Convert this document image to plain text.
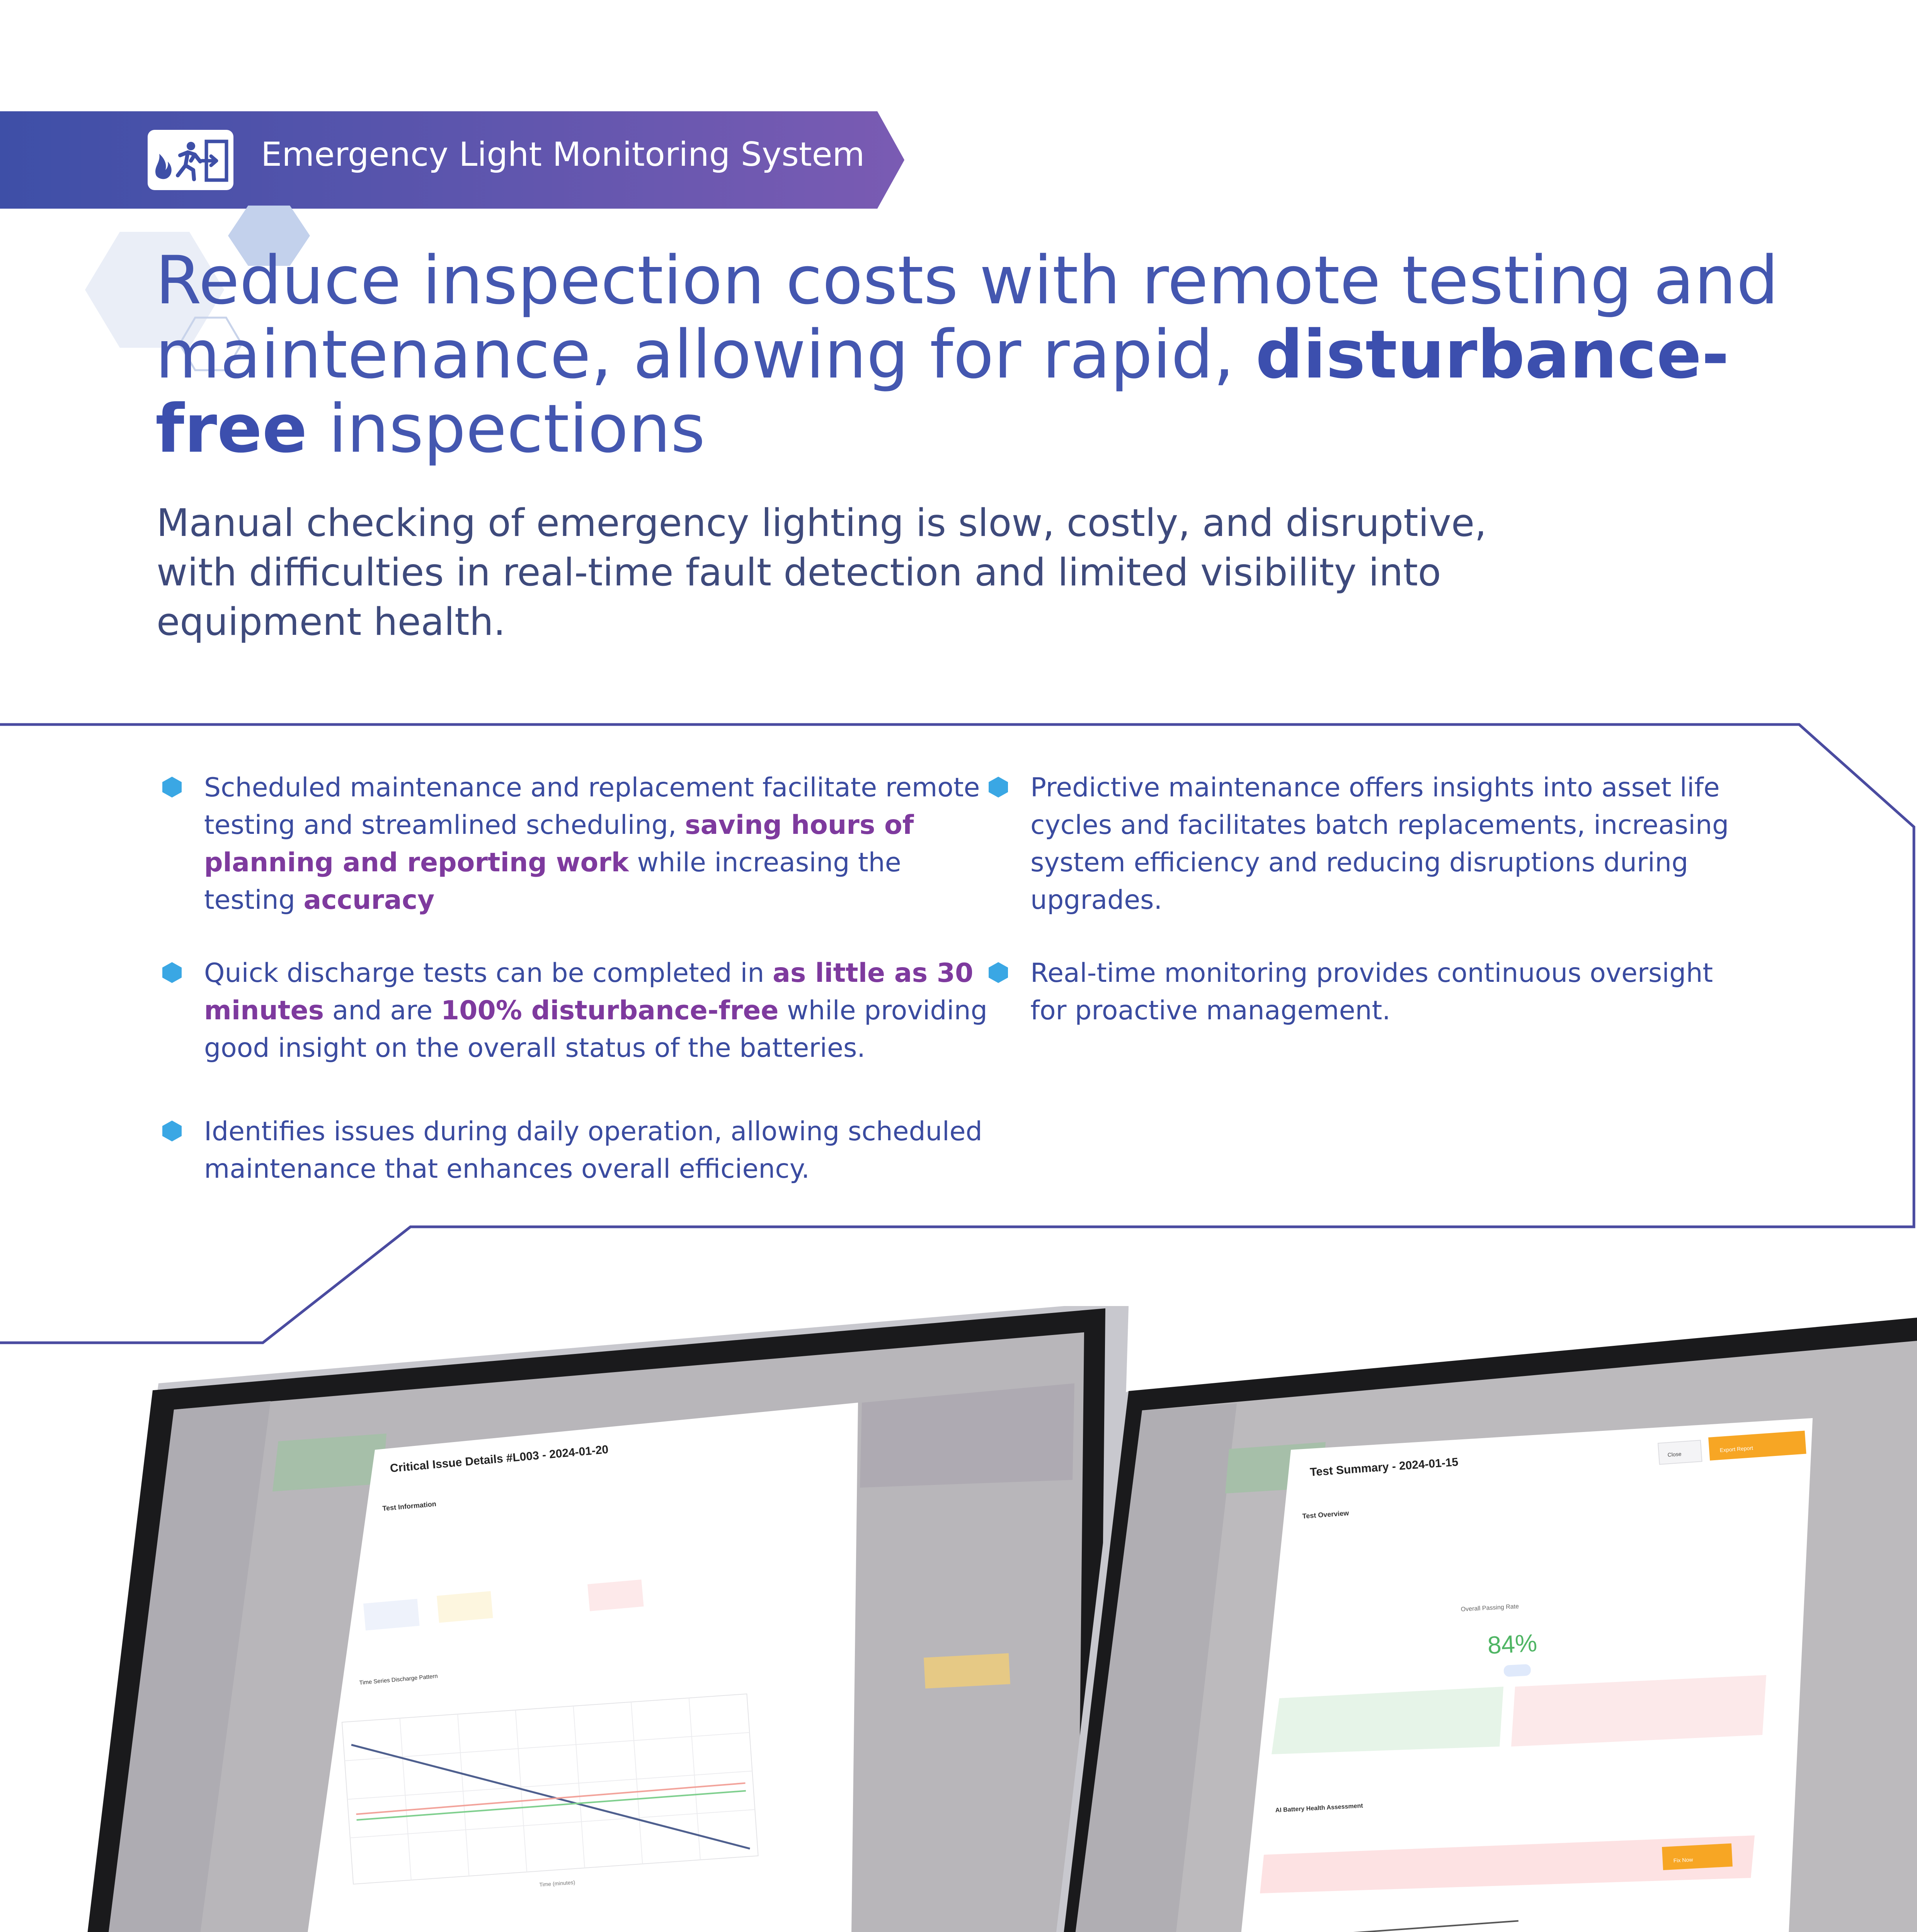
Emergency Light Monitoring System
Reduce inspection costs with remote testing and maintenance, allowing for rapid, disturbance-free inspections

Manual checking of emergency lighting is slow, costly, and disruptive, with difficulties in real-time fault detection and limited visibility into equipment health.

Scheduled maintenance and replacement facilitate remote testing and streamlined scheduling, saving hours of planning and reporting work while increasing the testing accuracy
Quick discharge tests can be completed in as little as 30 minutes and are 100% disturbance-free while providing good insight on the overall status of the batteries.
Identifies issues during daily operation, allowing scheduled maintenance that enhances overall efficiency.
Predictive maintenance offers insights into asset life cycles and facilitates batch replacements, increasing system efficiency and reducing disruptions during upgrades.
Real-time monitoring provides continuous oversight for proactive management.
Critical Issue Details #L003 - 2024-01-20
Test Information
Time Series Discharge Pattern
Time (minutes)
Test Summary - 2024-01-15
Close
Export Report
Test Overview
Overall Passing Rate
84%
AI Battery Health Assessment
Fix Now
